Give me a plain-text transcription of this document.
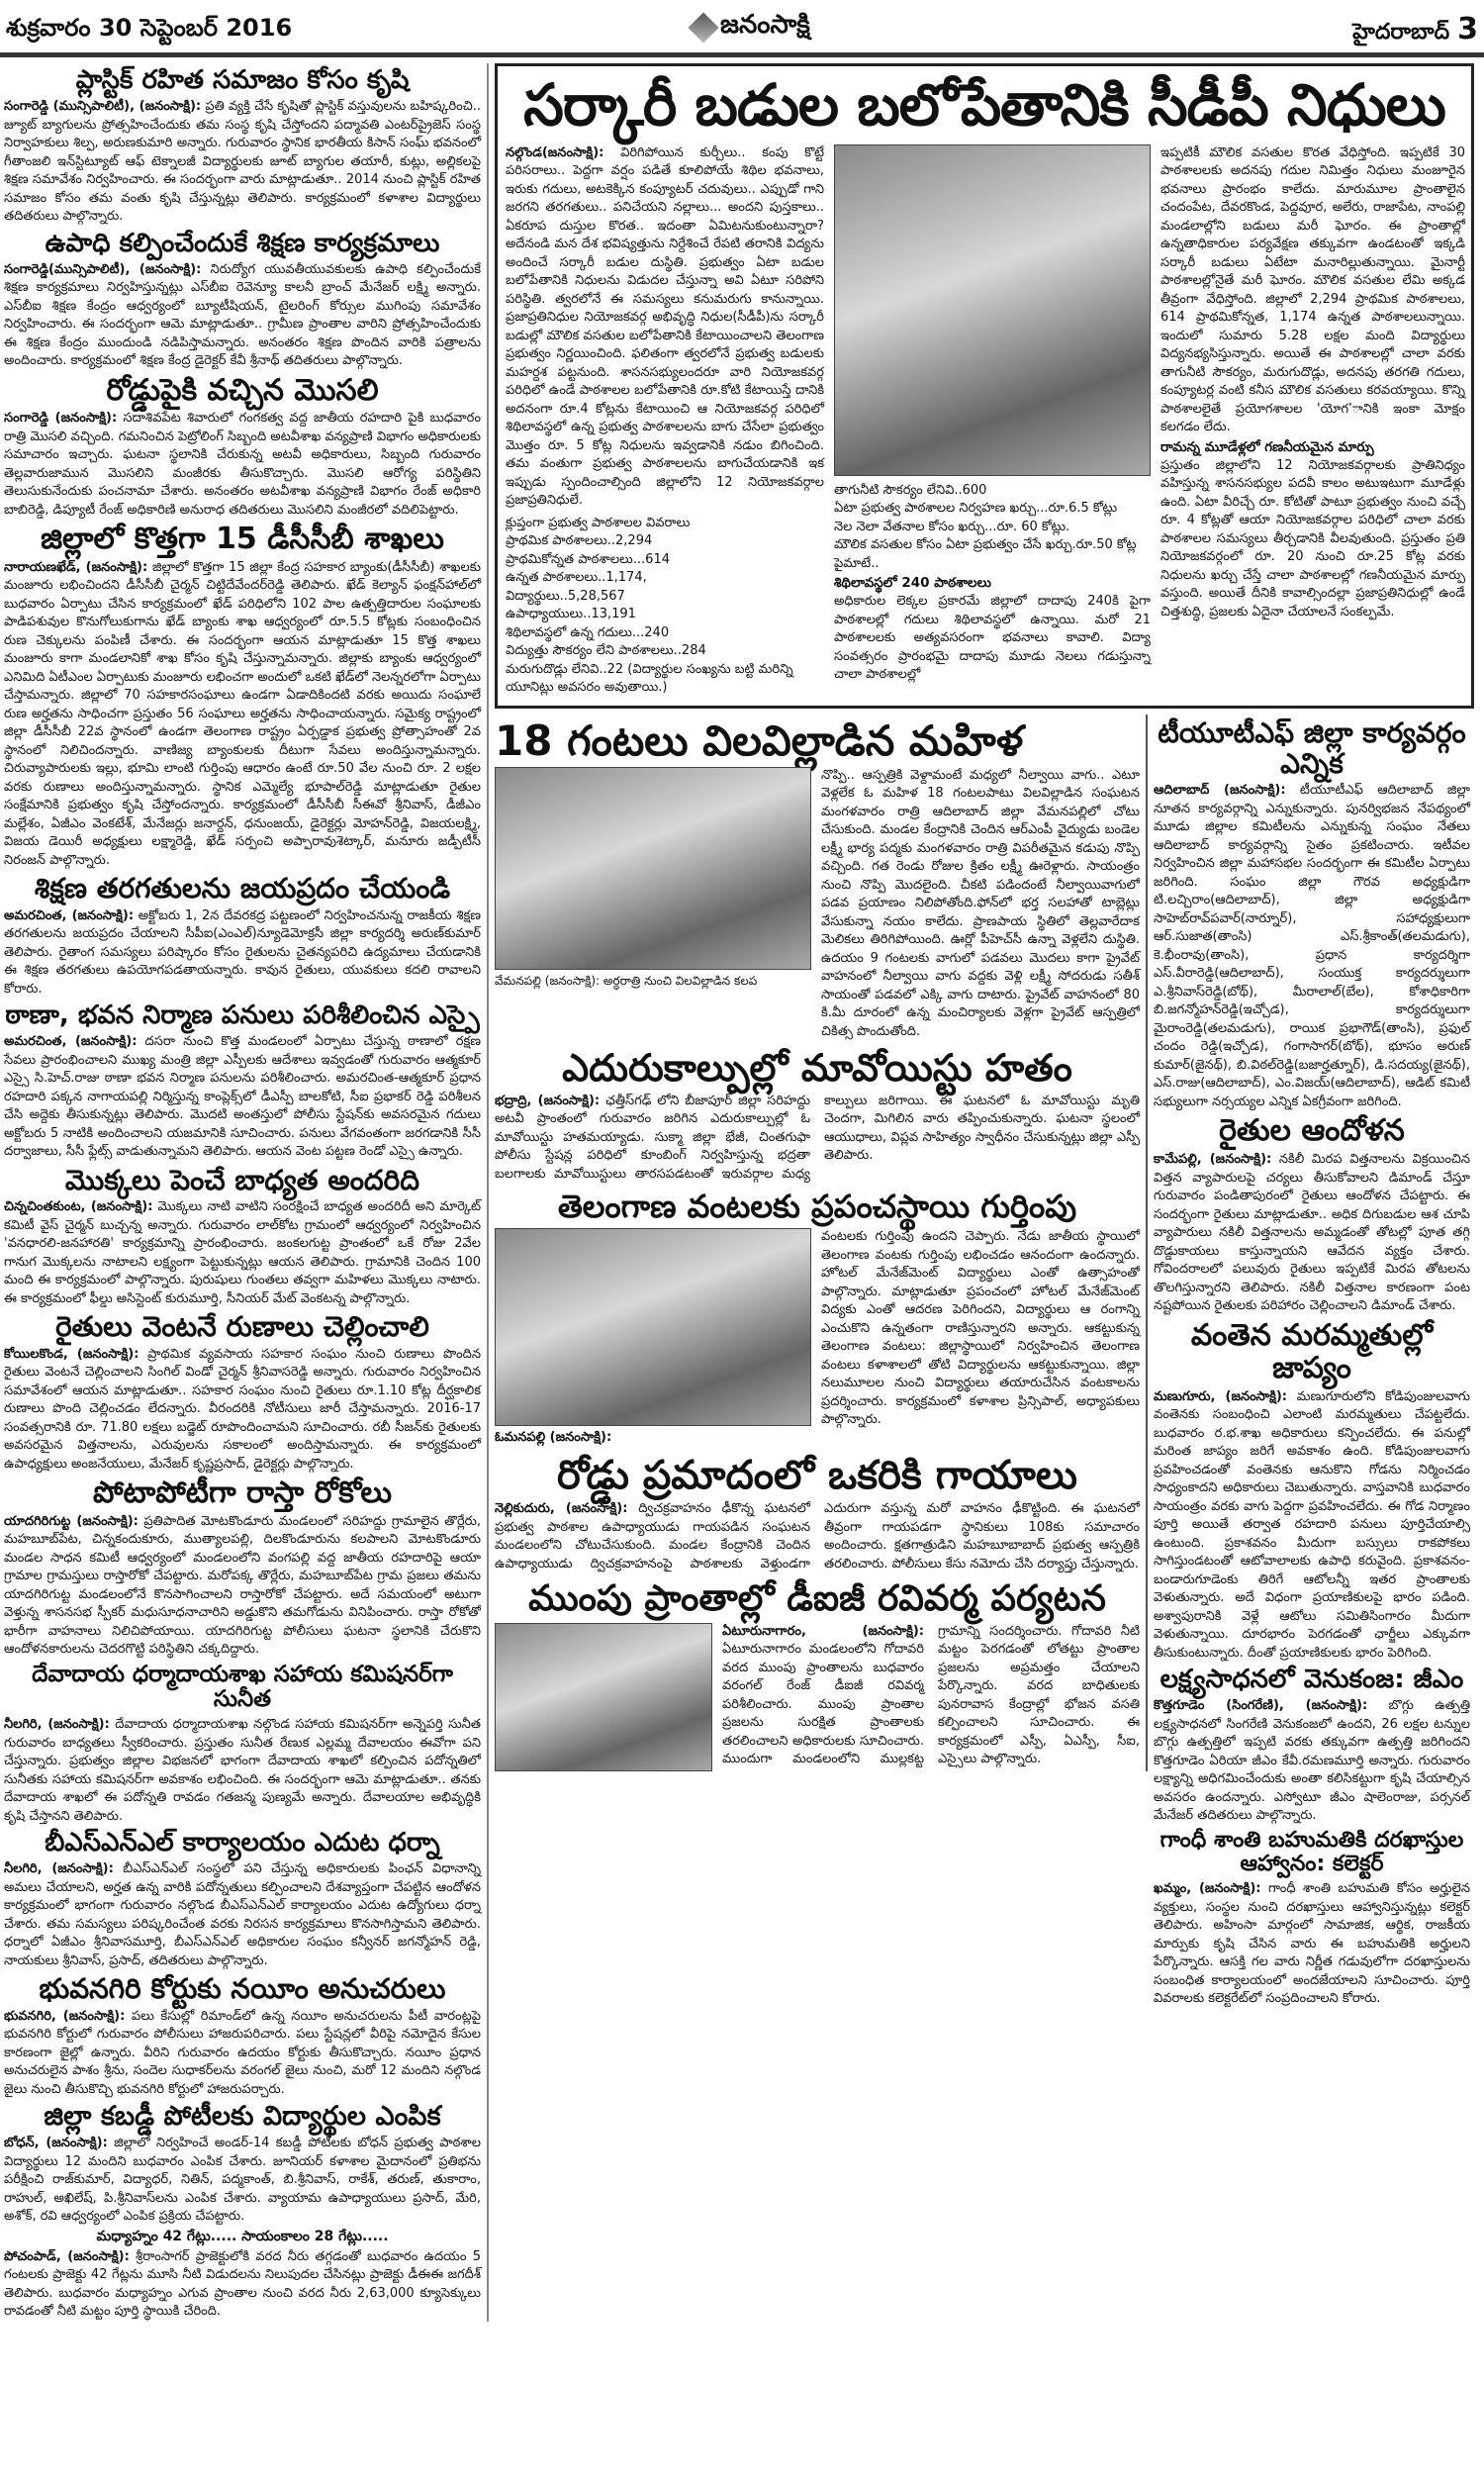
శుక్రవారం 30 సెప్టెంబర్ 2016	జనంసాక్షి	హైదరాబాద్ 3
ప్లాస్టిక్ రహిత సమాజం కోసం కృషి
సంగారెడ్డి (మున్సిపాలిటీ), (జనంసాక్షి): ప్రతి వ్యక్తి చేసే కృషితో ప్లాస్టిక్ వస్తువులను బహిష్కరించి.. జ్యూట్ బ్యాగులను ప్రోత్సహించేందుకు తమ సంస్థ కృషి చేస్తోందని పద్మావతి ఎంటర్‌ప్రైజెస్ సంస్థ నిర్వాహకులు శిల్ప, అరుణకుమారి అన్నారు. గురువారం స్థానిక భారతీయ కిసాన్ సంఘ్ భవనంలో గీతాంజలి ఇన్‌స్టిట్యూట్ ఆఫ్ టెక్నాలజీ విద్యార్థులకు జూట్ బ్యాగుల తయారీ, కుట్లు, అల్లికలపై శిక్షణ సమావేశం నిర్వహించారు. ఈ సందర్భంగా వారు మాట్లాడుతూ.. 2014 నుంచి ప్లాస్టిక్ రహిత సమాజం కోసం తమ వంతు కృషి చేస్తున్నట్లు తెలిపారు. కార్యక్రమంలో కళాశాల విద్యార్థులు తదితరులు పాల్గొన్నారు.
ఉపాధి కల్పించేందుకే శిక్షణ కార్యక్రమాలు
సంగారెడ్డి(మున్సిపాలిటీ), (జనంసాక్షి): నిరుద్యోగ యువతీయువకులకు ఉపాధి కల్పించేందుకే శిక్షణ కార్యక్రమాలు నిర్వహిస్తున్నట్లు ఎస్‌బీఐ రెవెన్యూ కాలనీ బ్రాంచ్ మేనేజర్ లక్ష్మి అన్నారు. ఎస్‌బీఐ శిక్షణ కేంద్రం ఆధ్వర్యంలో బ్యూటీషియన్, టైలరింగ్ కోర్సుల ముగింపు సమావేశం నిర్వహించారు. ఈ సందర్భంగా ఆమె మాట్లాడుతూ.. గ్రామీణ ప్రాంతాల వారిని ప్రోత్సహించేందుకు ఈ శిక్షణ కేంద్రం ముందుండి నడిపిస్తామన్నారు. అనంతరం శిక్షణ పొందిన వారికి పత్రాలను అందించారు. కార్యక్రమంలో శిక్షణ కేంద్ర డైరెక్టర్ కేవీ శ్రీనాథ్ తదితరులు పాల్గొన్నారు.
రోడ్డుపైకి వచ్చిన మొసలి
సంగారెడ్డి (జనంసాక్షి): సదాశివపేట శివారులో గంగకత్వ వద్ద జాతీయ రహదారి పైకి బుధవారం రాత్రి మొసలి వచ్చింది. గమనించిన పెట్రోలింగ్ సిబ్బంది అటవీశాఖ వన్యప్రాణి విభాగం అధికారులకు సమాచారం ఇచ్చారు. ఘటనా స్థలానికి చేరుకున్న అటవీ అధికారులు, సిబ్బంది గురువారం తెల్లవారుజామున మొసలిని మంజీరకు తీసుకొచ్చారు. మొసలి ఆరోగ్య పరిస్థితిని తెలుసుకునేందుకు పంచనామా చేశారు. అనంతరం అటవీశాఖ వన్యప్రాణి విభాగం రేంజ్ అధికారి బాబిరెడ్డి, డిప్యూటీ రేంజ్ అధికారిణి అనురాధ తదితరులు మొసలిని మంజీరలో వదిలిపెట్టారు.
జిల్లాలో కొత్తగా 15 డీసీసీబీ శాఖలు
నారాయణఖేడ్, (జనంసాక్షి): జిల్లాలో కొత్తగా 15 జిల్లా కేంద్ర సహకార బ్యాంకు(డీసీసీబీ) శాఖలకు మంజూరు లభించిందని డీసీసీబీ చైర్మన్ చిట్టిదేవేందర్‌రెడ్డి తెలిపారు. ఖేడ్ కెల్యాన్ ఫంక్షన్‌హాల్‌లో బుధవారం ఏర్పాటు చేసిన కార్యక్రమంలో ఖేడ్ పరిధిలోని 102 పాల ఉత్పత్తిదారుల సంఘాలకు పాడిపశువుల కొనుగోలుకుగాను ఖేడ్ బ్యాంకు శాఖ ఆధ్వర్యంలో రూ.5.5 కోట్లకు సంబంధించిన రుణ చెక్కులను పంపిణీ చేశారు. ఈ సందర్భంగా ఆయన మాట్లాడుతూ 15 కొత్త శాఖలు మంజూరు కాగా మండలానికో శాఖ కోసం కృషి చేస్తున్నామన్నారు. జిల్లాకు బ్యాంకు ఆధ్వర్యంలో ఎనిమిది ఏటీఎంల ఏర్పాటుకు మంజూరు లభించగా అందులో ఒకటి ఖేడ్‌లో నెలన్నరలోగా ఏర్పాటు చేస్తామన్నారు. జిల్లాలో 70 సహకారసంఘాలు ఉండగా ఏడాదికిందటి వరకు అయిదు సంఘాలే రుణ అర్హతను సాధించగా ప్రస్తుతం 56 సంఘాలు అర్హతను సాధించాయన్నారు. సమైక్య రాష్ట్రంలో జిల్లా డీసీసీబీ 22వ స్థానంలో ఉండగా తెలంగాణ రాష్ట్రం ఏర్పడ్డాక ప్రభుత్వ ప్రోత్సాహంతో 2వ స్థానంలో నిలిచిందన్నారు. వాణిజ్య బ్యాంకులకు దీటుగా సేవలు అందిస్తున్నామన్నారు. చిరువ్యాపారులకు ఇల్లు, భూమి లాంటి గుర్తింపు ఆధారం ఉంటే రూ.50 వేల నుంచి రూ. 2 లక్షల వరకు రుణాలు అందిస్తున్నామన్నారు. స్థానిక ఎమ్మెల్యే భూపాల్‌రెడ్డి మాట్లాడుతూ రైతుల సంక్షేమానికి ప్రభుత్వం కృషి చేస్తోందన్నారు. కార్యక్రమంలో డీసీసీబీ సీఈవో శ్రీనివాస్, డీజీఎం మల్లేశం, ఏజీఎం వెంకటేశ్, మేనేజర్లు జనార్దన్, ధనుంజయ్, డైరెక్టర్లు మోహన్‌రెడ్డి, విజయలక్ష్మి, విజయ డెయిరీ అధ్యక్షులు లక్ష్మారెడ్డి, ఖేడ్ సర్పంచి అప్పారావుశెట్కార్, మనూరు జడ్పీటీసీ నిరంజన్ పాల్గొన్నారు.
శిక్షణ తరగతులను జయప్రదం చేయండి
అమరచింత, (జనంసాక్షి): అక్టోబరు 1, 2న దేవరకద్ర పట్టణంలో నిర్వహించనున్న రాజకీయ శిక్షణ తరగతులను జయప్రదం చేయాలని సీపీఐ(ఎంఎల్)న్యూడెమోక్రసీ జిల్లా కార్యదర్శి అరుణ్‌కుమార్ తెలిపారు. రైతాంగ సమస్యలు పరిష్కారం కోసం రైతులను చైతన్యపరిచి ఉద్యమాలు చేయడానికి ఈ శిక్షణ తరగతులు ఉపయోగపడతాయన్నారు. కావున రైతులు, యువకులు కదలి రావాలని కోరారు.
ఠాణా, భవన నిర్మాణ పనులు పరిశీలించిన ఎస్పై
అమరచింత, (జనంసాక్షి): దసరా నుంచి కొత్త మండలంలో ఏర్పాటు చేస్తున్న ఠాణాలో రక్షణ సేవలు ప్రారంభించాలని ముఖ్య మంత్రి జిల్లా ఎస్పీలకు ఆదేశాలు ఇవ్వడంతో గురువారం ఆత్మకూర్ ఎస్సై సి.హెచ్.రాజు ఠాణా భవన నిర్మాణ పనులను పరిశీలించారు. అమరచింత-ఆత్మకూర్ ప్రధాన రహదారి పక్కన నాగాయపల్లి నిర్మిస్తున్న కాంప్లెక్స్‌లో డీఎస్పీ బాలకోటి, సీఐ ప్రభాకర్ రెడ్డి పరిశీలన చేసి అద్దెకు తీసుకున్నట్లు తెలిపారు. మొదటి అంతస్తులో పోలీసు స్టేషన్‌కు అవసరమైన గదులు అక్టోబరు 5 నాటికి అందించాలని యజమానికి సూచించారు. పనులు వేగవంతంగా జరగడానికి సీసీ దర్వాజాలు, సీసీ ఫ్లేట్స్ వాడుతున్నామని తెలిపారు. ఆయన వెంట పట్టణ రెండో ఎస్సై ఉన్నారు.
మొక్కలు పెంచే బాధ్యత అందరిది
చిన్నచింతకుంట, (జనంసాక్షి): మొక్కలు నాటి వాటిని సంరక్షించే బాధ్యత అందరిదీ అని మార్కెట్ కమిటీ వైస్ చైర్మన్ బుచ్చన్న అన్నారు. గురువారం లాల్‌కోట గ్రామంలో ఆధ్వర్యంలో నిర్వహించిన 'వనధారలి-జనహారతి' కార్యక్రమాన్ని ప్రారంభించారు. జంకలగుట్ట ప్రాంతంలో ఒకే రోజు 2వేల గానుగ మొక్కలను నాటాలని లక్ష్యంగా పెట్టుకున్నట్లు ఆయన తెలిపారు. గ్రామానికి చెందిన 100 మంది ఈ కార్యక్రమంలో పాల్గొన్నారు. పురుషులు గుంతలు తవ్వగా మహిళలు మొక్కలు నాటారు. ఈ కార్యక్రమంలో ఫీల్డు అసిస్టెంట్ కురుమూర్తి, సీనియర్ మేట్ వెంకటన్న పాల్గొన్నారు.
రైతులు వెంటనే రుణాలు చెల్లించాలి
కోయిలకొండ, (జనంసాక్షి): ప్రాథమిక వ్యవసాయ సహకార సంఘం నుంచి రుణాలు పొందిన రైతులు వెంటనే చెల్లించాలని సింగిల్ విండో చైర్మన్ శ్రీనివాసరెడ్డి అన్నారు. గురువారం నిర్వహించిన సమావేశంలో ఆయన మాట్లాడుతూ.. సహకార సంఘం నుంచి రైతులు రూ.1.10 కోట్ల దీర్ఘకాలిక రుణాలు పొంది చెల్లించడం లేదన్నారు. వీరందరికి నోటీసులు జారీ చేస్తామన్నారు. 2016-17 సంవత్సరానికి రూ. 71.80 లక్షలు బడ్జెట్ రూపొందించామని సూచించారు. రబీ సీజన్‌కు రైతులకు అవసరమైన విత్తనాలను, ఎరువులను సకాలంలో అందిస్తామన్నారు. ఈ కార్యక్రమంలో ఉపాధ్యక్షులు అంజనేయులు, మేనేజర్ కృష్ణప్రసాద్, డైరెక్టర్లు పాల్గొన్నారు.
పోటాపోటీగా రాస్తా రోకోలు
యాదగిరిగుట్ట (జనంసాక్షి): ప్రతిపాదిత మోటకొండూరు మండలంలో సరిహద్దు గ్రామాలైన తొర్లేరు, మహబూబ్‌పేట, చిన్నకందుకూరు, ముత్యాలపల్లి, దిలకొండూరును కలపాలని మోటకొండూరు మండల సాధన కమిటీ ఆధ్వర్యంలో మండలంలోని వంగపల్లి వద్ద జాతీయ రహదారిపై ఆయా గ్రామాల గ్రామస్తులు రాస్తారోకో చేపట్టారు. మరోపక్క తొర్లేరు, మహబూబ్‌పేట గ్రామ ప్రజలు తమను యాదగిరిగుట్ట మండలంలోనే కొనసాగించాలని రాస్తారోకో చేపట్టారు. అదే సమయంలో అటుగా వెళ్తున్న శాసనసభ స్పీకర్ మధుసూధనాచారిని అడ్డుకొని తమగోడును వినిపించారు. రాస్తా రోకోతో భారీగా వాహనాలు నిలిచిపోయాయి. యాదగిరిగుట్ట పోలీసులు ఘటనా స్థలానికి చేరుకొని ఆందోళనకారులను చెదరగొట్టి పరిస్థితిని చక్కదిద్దారు.
దేవాదాయ ధర్మాదాయశాఖ సహాయ కమిషనర్‌గా సునీత
నీలగిరి, (జనంసాక్షి): దేవాదాయ ధర్మాదాయశాఖ నల్గొండ సహాయ కమిషనర్‌గా అన్నెపర్తి సునీత గురువారం బాధ్యతలు స్వీకరించారు. ప్రస్తుతం సునీత రేణుక ఎల్లమ్మ దేవాలయం ఈవోగా పని చేస్తున్నారు. ప్రభుత్వం జిల్లాల విభజనలో భాగంగా దేవాదాయ శాఖలో కల్పించిన పదోన్నతిలో సునీతకు సహాయ కమిషనర్‌గా అవకాశం లభించింది. ఈ సందర్భంగా ఆమె మాట్లాడుతూ.. తనకు దేవాదాయ శాఖలో ఈ పదోన్నతి రావడం గతజన్మ పుణ్యమే అన్నారు. దేవాలయాల అభివృద్ధికి కృషి చేస్తానని తెలిపారు.
బీఎస్ఎన్ఎల్ కార్యాలయం ఎదుట ధర్నా
నీలగిరి, (జనంసాక్షి): బీఎస్ఎన్ఎల్ సంస్థలో పని చేస్తున్న అధికారులకు పింఛన్ విధానాన్ని అమలు చేయాలని, అర్హత ఉన్న వారికి పదోన్నతులు కల్పించాలని దేశవ్యాప్తంగా చేపట్టిన ఆందోళన కార్యక్రమంలో భాగంగా గురువారం నల్గొండ బీఎస్ఎన్ఎల్ కార్యాలయం ఎదుట ఉద్యోగులు ధర్నా చేశారు. తమ సమస్యలు పరిష్కరించేంత వరకు నిరసన కార్యక్రమాలు కొనసాగిస్తామని తెలిపారు. ధర్నాలో ఏజీఎం శ్రీనివాసమూర్తి, బీఎస్ఎన్ఎల్ అధికారుల సంఘం కన్వీనర్ జగన్మోహన్ రెడ్డి, నాయకులు శ్రీనివాస్, ప్రసాద్, తదితరులు పాల్గొన్నారు.
భువనగిరి కోర్టుకు నయీం అనుచరులు
భువనగిరి, (జనంసాక్షి): పలు కేసుల్లో రిమాండ్‌లో ఉన్న నయీం అనుచరులను పీటీ వారంట్లపై భువనగిరి కోర్టులో గురువారం పోలీసులు హాజరుపరిచారు. పలు స్టేషన్లలో వీరిపై నమోదైన కేసుల కారణంగా జైల్లో ఉన్నారు. వీరిని గురువారం ఉదయం కోర్టుకు తీసుకొచ్చారు. నయీం ప్రధాన అనుచరులైన పాశం శ్రీను, సందెల సుధాకర్‌లను వరంగల్ జైలు నుంచి, మరో 12 మందిని నల్గొండ జైలు నుంచి తీసుకొచ్చి భువనగిరి కోర్టులో హాజరుపర్చారు.
జిల్లా కబడ్డీ పోటీలకు విద్యార్థుల ఎంపిక
బోధన్, (జనంసాక్షి): జిల్లాలో నిర్వహించే అండర్-14 కబడ్డీ పోటీలకు బోధన్ ప్రభుత్వ పాఠశాల విద్యార్థులు 12 మందిని బుధవారం ఎంపిక చేశారు. జూనియర్ కళాశాల మైదానంలో ప్రతిభను పరీక్షించి రాజ్‌కుమార్, విద్యాధర్, నితిన్, పద్మకాంత్, బి.శ్రీనివాస్, రాకేశ్, తరుణ్, తుకారాం, రాహుల్, అఖిలేష్, పి.శ్రీనివాస్‌లను ఎంపిక చేశారు. వ్యాయామ ఉపాధ్యాయులు ప్రసాద్, మేరి, అశోక్, రవి ఆధ్వర్యంలో ఎంపిక ప్రక్రియ చేపట్టారు.
మధ్యాహ్నం 42 గేట్లు..... సాయంకాలం 28 గేట్లు.....
పోచంపాడ్, (జనంసాక్షి): శ్రీరాంసాగర్ ప్రాజెక్టులోకి వరద నీరు తగ్గడంతో బుధవారం ఉదయం 5 గంటలకు ప్రాజెక్టు 42 గేట్లను మూసి నీటి విడుదలను నిలుపుదల చేసినట్లు ప్రాజెక్టు డీఈఈ జగదీశ్ తెలిపారు. బుధవారం మధ్యాహ్నం ఎగువ ప్రాంతాల నుంచి వరద నీరు 2,63,000 క్యూసెక్కులు రావడంతో నీటి మట్టం పూర్తి స్థాయికి చేరింది.
సర్కారీ బడుల బలోపేతానికి సీడీపీ నిధులు
నల్గొండ(జనంసాక్షి): విరిగిపోయిన కుర్చీలు.. కంపు కొట్టే పరిసరాలు.. పెద్దగా వర్షం పడితే కూలిపోయే శిథిల భవనాలు, ఇరుకు గదులు, అటకెక్కిన కంప్యూటర్ చదువులు.. ఎప్పుడో గాని జరగని తరగతులు.. పనిచేయని నల్లాలు... అందని పుస్తకాలు.. ఏకరూప దుస్తుల కొరత.. ఇదంతా ఏమిటనుకుంటున్నారా? అదేనండి మన దేశ భవిష్యత్తును నిర్దేశించే రేపటి తరానికి విద్యను అందించే సర్కారీ బడుల దుస్థితి. ప్రభుత్వం ఏటా బడుల బలోపేతానికి నిధులను విడుదల చేస్తున్నా అవి ఏటూ సరిపోని పరిస్థితి. త్వరలోనే ఈ సమస్యలు కనుమరుగు కానున్నాయి. ప్రజాప్రతినిధుల నియోజకవర్గ అభివృద్ధి నిధుల(సీడీపీ)ను సర్కారీ బడుల్లో మౌలిక వసతుల బలోపేతానికి కేటాయించాలని తెలంగాణ ప్రభుత్వం నిర్ణయించింది. ఫలితంగా త్వరలోనే ప్రభుత్వ బడులకు మహర్దశ పట్టనుంది. శాసనసభ్యులందరూ వారి నియోజకవర్గ పరిధిలో ఉండే పాఠశాలల బలోపేతానికి రూ.కోటి కేటాయిస్తే దానికి అదనంగా రూ.4 కోట్లను కేటాయించి ఆ నియోజకవర్గ పరిధిలో శిథిలావస్థలో ఉన్న ప్రభుత్వ పాఠశాలలను బాగు చేసేలా ప్రభుత్వం మొత్తం రూ. 5 కోట్ల నిధులను ఇవ్వడానికి నడుం బిగించింది. తమ వంతుగా ప్రభుత్వ పాఠశాలలను బాగుచేయడానికి ఇక ఇప్పుడు స్పందించాల్సింది జిల్లాలోని 12 నియోజకవర్గాల ప్రజాప్రతినిధులే.
క్లుప్తంగా ప్రభుత్వ పాఠశాలల వివరాలు
ప్రాథమిక పాఠశాలలు..2,294
ప్రాథమికోన్నత పాఠశాలలు...614
ఉన్నత పాఠశాలలు..1,174,
విద్యార్థులు..5,28,567
ఉపాధ్యాయులు..13,191
శిథిలావస్థలో ఉన్న గదులు...240
విద్యుత్తు సౌకర్యం లేని పాఠశాలలు..284
మరుగుదొడ్లు లేనివి..22 (విద్యార్థుల సంఖ్యను బట్టి మరిన్ని యూనిట్లు అవసరం అవుతాయి.)
తాగునీటి సౌకర్యం లేనివి..600
ఏటా ప్రభుత్వ పాఠశాలల నిర్వహణ ఖర్చు...రూ.6.5 కోట్లు
నెల నెలా వేతనాల కోసం ఖర్చు...రూ. 60 కోట్లు.
మౌలిక వసతుల కోసం ఏటా ప్రభుత్వం చేసే ఖర్చు.రూ.50 కోట్ల పైమాటే..
శిథిలావస్థలో 240 పాఠశాలలు
అధికారుల లెక్కల ప్రకారమే జిల్లాలో దాదాపు 240కి పైగా పాఠశాలల్లో గదులు శిథిలావస్థలో ఉన్నాయి. మరో 21 పాఠశాలలకు అత్యవసరంగా భవనాలు కావాలి. విద్యా సంవత్సరం ప్రారంభమై దాదాపు మూడు నెలలు గడుస్తున్నా చాలా పాఠశాలల్లో
ఇప్పటికీ మౌలిక వసతుల కొరత వేధిస్తోంది. ఇప్పటికే 30 పాఠశాలలకు అదనపు గదుల నిమిత్తం నిధులు మంజూరైన భవనాలు ప్రారంభం కాలేదు. మారుమూల ప్రాంతాలైన చందంపేట, దేవరకొండ, పెద్దవూర, అలేరు, రాజాపేట, నాంపల్లి మండలాల్లోని బడులు మరీ ఘోరం. ఈ ప్రాంతాల్లో ఉన్నతాధికారుల పర్యవేక్షణ తక్కువగా ఉండటంతో ఇక్కడి సర్కారీ బడులు ఏటేటా మనారిల్లుతున్నాయి. మైనార్టీ పాఠశాలల్లోనైతే మరీ ఘోరం. మౌలిక వసతుల లేమి అక్కడ తీవ్రంగా వేధిస్తోంది. జిల్లాలో 2,294 ప్రాథమిక పాఠశాలలు, 614 ప్రాథమికోన్నత, 1,174 ఉన్నత పాఠశాలలున్నాయి. ఇందులో సుమారు 5.28 లక్షల మంది విద్యార్థులు విద్యనభ్యసిస్తున్నారు. అయితే ఈ పాఠశాలల్లో చాలా వరకు తాగునీటి సౌకర్యం, మరుగుదొడ్లు, అదనపు తరగతి గదులు, కంప్యూటర్ల వంటి కనీస మౌలిక వసతులు కరవయ్యాయి. కొన్ని పాఠశాలలైతే ప్రయోగశాలల 'యోగ'ానికి ఇంకా మోక్షం కలగడం లేదు.
రామన్న మూడేళ్లలో గణనీయమైన మార్పు
ప్రస్తుతం జిల్లాలోని 12 నియోజకవర్గాలకు ప్రాతినిధ్యం వహిస్తున్న శాసనసభ్యుల పదవీ కాలం అటుఇటుగా మూడేళ్లు ఉంది. ఏటా వీరిచ్చే రూ. కోటితో పాటూ ప్రభుత్వం నుంచి వచ్చే రూ. 4 కోట్లతో ఆయా నియోజకవర్గాల పరిధిలో చాలా వరకు పాఠశాలల సమస్యలు తీర్చడానికి వీలవుతుంది. ప్రస్తుతం ప్రతి నియోజకవర్గంలో రూ. 20 నుంచి రూ.25 కోట్ల వరకు నిధులను ఖర్చు చేస్తే చాలా పాఠశాలల్లో గణనీయమైన మార్పు వస్తుంది. అయితే దీనికి కావాల్సిందల్లా ప్రజాప్రతినిధుల్లో ఉండే చిత్తశుద్ధి, ప్రజలకు ఏదైనా చేయాలనే సంకల్పమే.
18 గంటలు విలవిల్లాడిన మహిళ
వేమనపల్లి (జనంసాక్షి): అర్ధరాత్రి నుంచి విలవిల్లాడిన కలప
నొప్పి.. ఆస్పత్రికి వెళ్దామంటే మధ్యలో నీల్వాయి వాగు.. ఎటూ వెళ్లలేక ఓ మహిళ 18 గంటలపాటు విలవిల్లాడిన సంఘటన మంగళవారం రాత్రి ఆదిలాబాద్ జిల్లా వేమనపల్లిలో చోటు చేసుకుంది. మండల కేంద్రానికి చెందిన ఆర్ఎంపీ వైద్యుడు బండెల లక్ష్మీ భార్య పద్మకు మంగళవారం రాత్రి విపరీతమైన కడుపు నొప్పి వచ్చింది. గత రెండు రోజుల క్రితం లక్ష్మీ ఊరెళ్లారు. సాయంత్రం నుంచి నొప్పి మొదలైంది. చీకటి పడిందంటే నీల్వాయివాగులో పడవ ప్రయాణం నిలిపోతోంది.ఫోన్‌లో భర్త సలహాతో టాబ్లెట్లు వేసుకున్నా నయం కాలేదు. ప్రాణపాయ స్థితిలో తెల్లవారేదాక మెలికలు తిరిగిపోయింది. ఊర్లో పీహెచ్‌సీ ఉన్నా వెళ్లలేని దుస్థితి. ఉదయం 9 గంటలకు వాగులో పడవలు మొదలు కాగా ప్రైవేట్ వాహనంలో నీల్వాయి వాగు వద్దకు వెళ్లి లక్ష్మీ సోదరుడు సతీశ్ సాయంతో పడవలో ఎక్కి వాగు దాటారు. ప్రైవేట్ వాహనంలో 80 కి.మీ దూరంలో ఉన్న మంచిర్యాలకు వెళ్లగా ప్రైవేట్ ఆస్పత్రిలో చికిత్స పొందుతోంది.
ఎదురుకాల్పుల్లో మావోయిస్టు హతం
భద్రాద్రి, (జనంసాక్షి): ఛత్తీస్‌గఢ్ లోని బీజాపూర్ జిల్లా సరిహద్దు అటవీ ప్రాంతంలో గురువారం జరిగిన ఎదురుకాల్పుల్లో ఓ మావోయిస్టు హతమయ్యాడు. సుక్మా జిల్లా భేజీ, చింతగుఫా పోలీసు స్టేషన్ల పరిధిలో కూంబింగ్ నిర్వహిస్తున్న భద్రతా బలగాలకు మావోయిస్టులు తారసపడటంతో ఇరువర్గాల మధ్య కాల్పులు జరిగాయి. ఈ ఘటనలో ఓ మావోయిస్టు మృతి చెందగా, మిగిలిన వారు తప్పించుకున్నారు. ఘటనా స్థలంలో ఆయుధాలు, విప్లవ సాహిత్యం స్వాధీనం చేసుకున్నట్లు జిల్లా ఎస్పీ తెలిపారు.
తెలంగాణ వంటలకు ప్రపంచస్థాయి గుర్తింపు
ఓమనపల్లి (జనంసాక్షి):
వంటలకు గుర్తింపు ఉందని చెప్పారు. నేడు జాతీయ స్థాయిలో తెలంగాణ వంటకు గుర్తింపు లభించడం ఆనందంగా ఉందన్నారు. హోటల్ మేనేజ్‌మెంట్ విద్యార్థులు ఎంతో ఉత్సాహంతో పాల్గొన్నారు. మాట్లాడుతూ ప్రపంచంలో హోటల్ మేనేజ్‌మెంట్ విద్యకు ఎంతో ఆదరణ పెరిగిందని, విద్యార్థులు ఆ రంగాన్ని ఎంచుకొని ఉన్నతంగా రాణిస్తున్నారని అన్నారు. ఆకట్టుకున్న తెలంగాణ వంటలు: జిల్లాస్థాయిలో నిర్వహించిన తెలంగాణ వంటలు కళాశాలలో తోటి విద్యార్థులను ఆకట్టుకున్నాయి. జిల్లా నలుమూలల నుంచి విద్యార్థులు తయారుచేసిన వంటకాలను ప్రదర్శించారు. కార్యక్రమంలో కళాశాల ప్రిన్సిపాల్, అధ్యాపకులు పాల్గొన్నారు.
రోడ్డు ప్రమాదంలో ఒకరికి గాయాలు
నెల్లికుదురు, (జనంసాక్షి): ద్విచక్రవాహనం ఢీకొన్న ఘటనలో ప్రభుత్వ పాఠశాల ఉపాధ్యాయుడు గాయపడిన సంఘటన మండలంలోని చోటుచేసుకుంది. మండల కేంద్రానికి చెందిన ఉపాధ్యాయుడు ద్విచక్రవాహనంపై పాఠశాలకు వెళ్తుండగా ఎదురుగా వస్తున్న మరో వాహనం ఢీకొట్టింది. ఈ ఘటనలో తీవ్రంగా గాయపడగా స్థానికులు 108కు సమాచారం అందించారు. క్షతగాత్రుడిని మహబూబాబాద్ ప్రభుత్వ ఆస్పత్రికి తరలించారు. పోలీసులు కేసు నమోదు చేసి దర్యాప్తు చేస్తున్నారు.
ముంపు ప్రాంతాల్లో డీఐజీ రవివర్మ పర్యటన
ఏటూరునాగారం, (జనంసాక్షి): ఏటూరునాగారం మండలంలోని గోదావరి వరద ముంపు ప్రాంతాలను బుధవారం వరంగల్ రేంజ్ డీఐజీ రవివర్మ పరిశీలించారు. ముంపు ప్రాంతాల ప్రజలను సురక్షిత ప్రాంతాలకు తరలించాలని అధికారులకు సూచించారు. ముందుగా మండలంలోని ముల్లకట్ట గ్రామాన్ని సందర్శించారు. గోదావరి నీటి మట్టం పెరగడంతో లోతట్టు ప్రాంతాల ప్రజలను అప్రమత్తం చేయాలని పేర్కొన్నారు. వరద బాధితులకు పునరావాస కేంద్రాల్లో భోజన వసతి కల్పించాలని సూచించారు. ఈ కార్యక్రమంలో ఎస్పీ, ఏఎస్పీ, సీఐ, ఎస్సైలు పాల్గొన్నారు.
టీయూటీఎఫ్ జిల్లా కార్యవర్గం ఎన్నిక
ఆదిలాబాద్ (జనంసాక్షి): టీయూటీఎఫ్ ఆదిలాబాద్ జిల్లా నూతన కార్యవర్గాన్ని ఎన్నుకున్నారు. పునర్విభజన నేపథ్యంలో మూడు జిల్లాల కమిటీలను ఎన్నుకున్న సంఘం నేతలు ఆదిలాబాద్ కార్యవర్గాన్ని సైతం ప్రకటించారు. ఇటీవల నిర్వహించిన జిల్లా మహాసభల సందర్భంగా ఈ కమిటీల ఏర్పాటు జరిగింది. సంఘం జిల్లా గౌరవ అధ్యక్షుడిగా టి.లచ్చిరాం(ఆదిలాబాద్), జిల్లా అధ్యక్షుడిగా సాహెబ్‌రావ్‌పవార్(నార్నూర్), సహాధ్యక్షులుగా ఆర్.సుజాత(తాంసి) ఎస్.శ్రీకాంత్(తలమడుగు), కె.భీంరావు(తాంసి), ప్రధాన కార్యదర్శిగా ఎస్.వీరారెడ్డి(ఆదిలాబాద్), సంయుక్త కార్యదర్శులుగా ఎ.శ్రీనివాస్‌రెడ్డి(బోథ్), మీరాలాల్(బేల), కోశాధికారిగా బి.జగన్మోహన్‌రెడ్డి(ఇచ్చోడ), కార్యదర్శులుగా మైరాంరెడ్డి(తలమడుగు), రాయిక ప్రభాగౌడ్(తాంసి), ప్రఫుల్ చందం రెడ్డి(ఇచ్చోడ), గంగాసాగర్(బోథ్), భూసం అరుణ్ కుమార్(జైనథ్), బి.విఠల్‌రెడ్డి(బజార్హత్నూర్), డి.సదయ్య(జైనథ్), ఎస్.రాజు(ఆదిలాబాద్), ఎం.విజయ్(ఆదిలాబాద్), ఆడిట్ కమిటీ సభ్యులుగా నర్సయ్యల ఎన్నిక ఏకగ్రీవంగా జరిగింది.
రైతుల ఆందోళన
కామేపల్లి, (జనంసాక్షి): నకిలీ మిరప విత్తనాలను విక్రయించిన విత్తన వ్యాపారులపై చర్యలు తీసుకోవాలని డిమాండ్ చేస్తూ గురువారం పండితాపురంలో రైతులు ఆందోళన చేపట్టారు. ఈ సందర్భంగా రైతులు మాట్లాడుతూ.. అధిక దిగుబడుల ఆశ చూపి వ్యాపారులు నకిలీ విత్తనాలను అమ్మడంతో తోటల్లో పూత తగ్గి దొడ్డుకాయలు కాస్తున్నాయని ఆవేదన వ్యక్తం చేశారు. గోవిందరాలలో పలువురు రైతులు ఇప్పటికే మిరప తోటలను తొలగిస్తున్నారని తెలిపారు. నకిలీ విత్తనాల కారణంగా పంట నష్టపోయిన రైతులకు పరిహారం చెల్లించాలని డిమాండ్ చేశారు.
వంతెన మరమ్మతుల్లో జాప్యం
మణుగూరు, (జనంసాక్షి): మణుగూరులోని కోడిపుంజులవాగు వంతెనకు సంబంధించి ఎలాంటి మరమ్మతులు చేపట్టలేదు. బుధవారం ర.భ.శాఖ అధికారులు కన్పించలేదు. ఈ పనుల్లో మరింత జాప్యం జరిగే అవకాశం ఉంది. కోడిపుంజులవాగు ప్రవహించడంతో వంతెనకు ఆనుకొని గోడను నిర్మించడం సాధ్యంకాదని అధికారులు చెబుతున్నారు. వాస్తవానికి బుధవారం సాయంత్రం వరకు వాగు పెద్దగా ప్రవహించలేదు. ఈ గోడ నిర్మాణం పూర్తి అయితే తర్వాత రహదారి పనులు పూర్తిచేయాల్సి ఉంటుంది. ప్రకాశవనం మీదుగా బస్సులు రాకపోకలు సాగిస్తుండటంతో ఆటోవాలాలకు ఉపాధి కరువైంది. ప్రకాశవనం-బండారుగూడెంకు తిరిగే ఆటోలన్నీ ఇతర ప్రాంతాలకు వెళుతున్నారు. అదే విధంగా ప్రయాణికులపై భారం పడింది. అశ్వాపురానికి వెళ్లే ఆటోలు సమితిసింగారం మీదుగా వెళుతున్నాయి. దూరభారం పెరగడంతో ఛార్జీలు ఎక్కువగా తీసుకుంటున్నారు. దీంతో ప్రయాణికులకు భారం పెరిగింది.
లక్ష్యసాధనలో వెనుకంజ: జీఎం
కొత్తగూడెం (సింగరేణి), (జనంసాక్షి): బొగ్గు ఉత్పత్తి లక్ష్యసాధనలో సింగరేణి వెనుకంజలో ఉందని, 26 లక్షల టన్నుల బొగ్గు ఉత్పత్తిలో ఇప్పటి వరకు తక్కువగా ఉత్పత్తి జరిగిందని కొత్తగూడెం ఏరియా జీఎం కేవీ.రమణమూర్తి అన్నారు. గురువారం లక్ష్యాన్ని అధిగమించేందుకు అంతా కలిసికట్టుగా కృషి చేయాల్సిన అవసరం ఉందన్నారు. ఎస్వోటూ జీఎం షాలెంరాజు, పర్సనల్ మేనేజర్ తదితరులు పాల్గొన్నారు.
గాంధీ శాంతి బహుమతికి దరఖాస్తుల ఆహ్వానం: కలెక్టర్
ఖమ్మం, (జనంసాక్షి): గాంధీ శాంతి బహుమతి కోసం అర్హులైన వ్యక్తులు, సంస్థల నుంచి దరఖాస్తులు ఆహ్వానిస్తున్నట్లు కలెక్టర్ తెలిపారు. అహింసా మార్గంలో సామాజిక, ఆర్థిక, రాజకీయ మార్పుకు కృషి చేసిన వారు ఈ బహుమతికి అర్హులని పేర్కొన్నారు. ఆసక్తి గల వారు నిర్ణీత గడువులోగా దరఖాస్తులను సంబంధిత కార్యాలయంలో అందజేయాలని సూచించారు. పూర్తి వివరాలకు కలెక్టరేట్‌లో సంప్రదించాలని కోరారు.
